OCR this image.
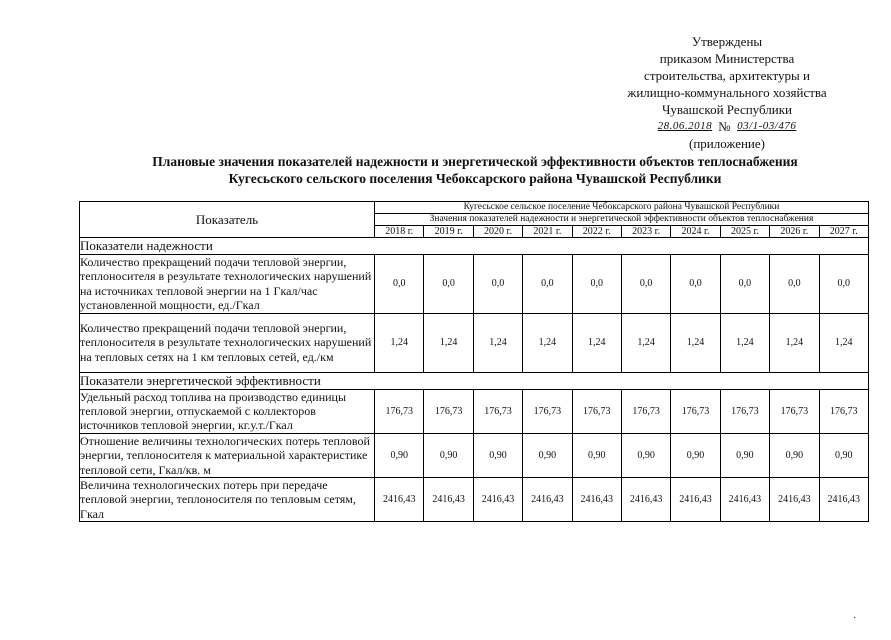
Утверждены
приказом Министерства
строительства, архитектуры и
жилищно-коммунального хозяйства
Чувашской Республики
28.06.2018 № 03/1-03/476
(приложение)
Плановые значения показателей надежности и энергетической эффективности объектов теплоснабжения
Кугесьского сельского поселения Чебоксарского района Чувашской Республики
Показатель	Кугесьское сельское поселение Чебоксарского района Чувашской Республики									
	Значения показателей надежности и энергетической эффективности объектов теплоснабжения									
	2018 г.	2019 г.	2020 г.	2021 г.	2022 г.	2023 г.	2024 г.	2025 г.	2026 г.	2027 г.
Показатели надежности										
Количество прекращений подачи тепловой энергии, теплоносителя в результате технологических нарушений на источниках тепловой энергии на 1 Гкал/час установленной мощности, ед./Гкал	0,0	0,0	0,0	0,0	0,0	0,0	0,0	0,0	0,0	0,0
Количество прекращений подачи тепловой энергии, теплоносителя в результате технологических нарушений на тепловых сетях на 1 км тепловых сетей, ед./км	1,24	1,24	1,24	1,24	1,24	1,24	1,24	1,24	1,24	1,24
Показатели энергетической эффективности										
Удельный расход топлива на производство единицы тепловой энергии, отпускаемой с коллекторов источников тепловой энергии, кг.у.т./Гкал	176,73	176,73	176,73	176,73	176,73	176,73	176,73	176,73	176,73	176,73
Отношение величины технологических потерь тепловой энергии, теплоносителя к материальной характеристике тепловой сети, Гкал/кв. м	0,90	0,90	0,90	0,90	0,90	0,90	0,90	0,90	0,90	0,90
Величина технологических потерь при передаче тепловой энергии, теплоносителя по тепловым сетям, Гкал	2416,43	2416,43	2416,43	2416,43	2416,43	2416,43	2416,43	2416,43	2416,43	2416,43
·
